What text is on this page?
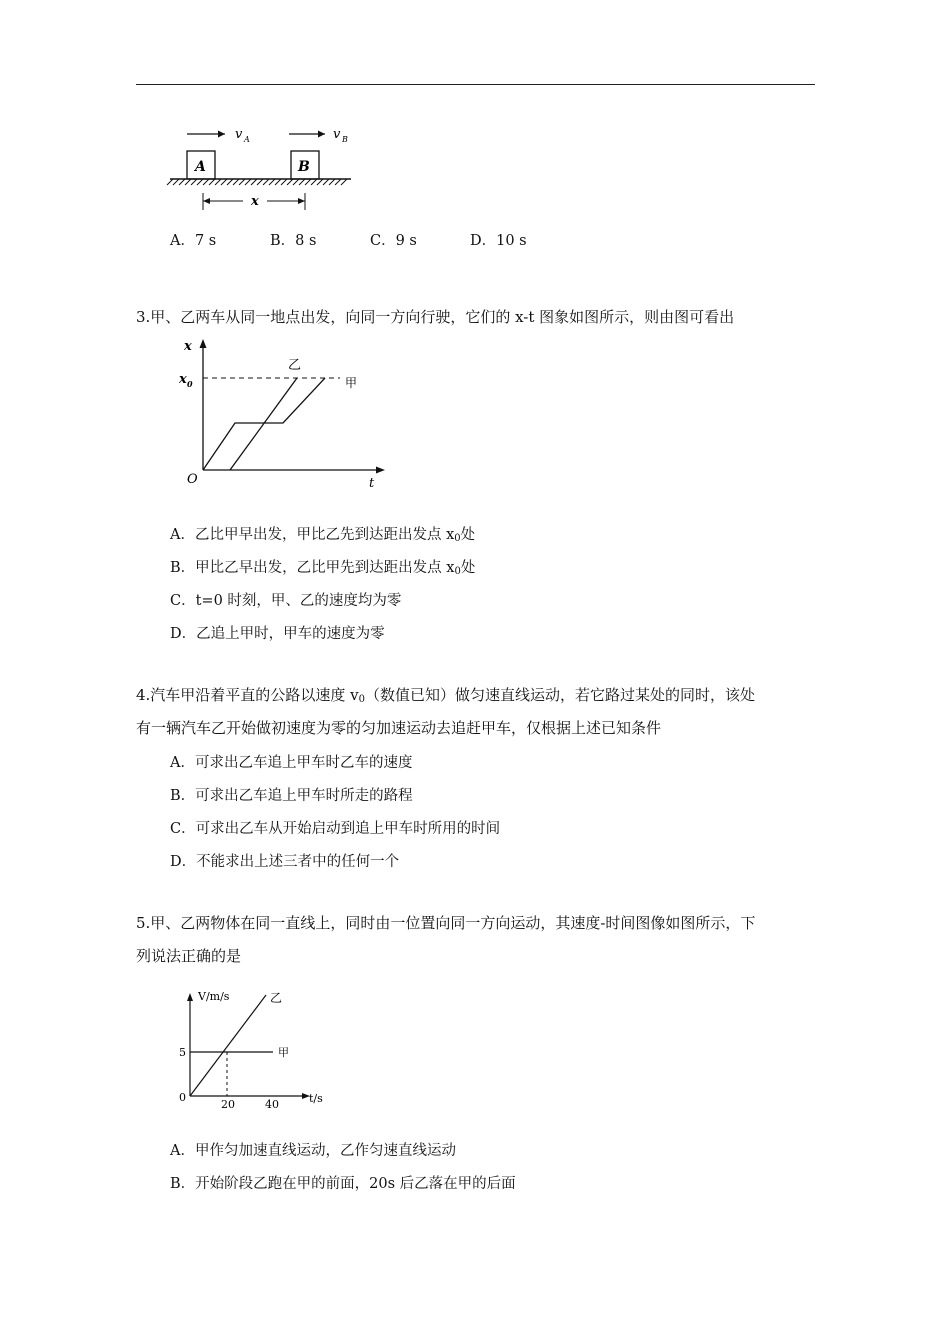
v A	v B
A	B
x
A．7 s	B．8 s	C．9 s	D．10 s
3.甲、乙两车从同一地点出发，向同一方向行驶，它们的 x-t 图象如图所示，则由图可看出
x
t
O
x 0
乙
甲
A．乙比甲早出发，甲比乙先到达距出发点 $x_0$处
B．甲比乙早出发，乙比甲先到达距出发点 $x_0$处
C．t=0 时刻，甲、乙的速度均为零
D．乙追上甲时，甲车的速度为零
4.汽车甲沿着平直的公路以速度 $v_0$（数值已知）做匀速直线运动，若它路过某处的同时，该处
有一辆汽车乙开始做初速度为零的匀加速运动去追赶甲车，仅根据上述已知条件
A．可求出乙车追上甲车时乙车的速度
B．可求出乙车追上甲车时所走的路程
C．可求出乙车从开始启动到追上甲车时所用的时间
D．不能求出上述三者中的任何一个
5.甲、乙两物体在同一直线上，同时由一位置向同一方向运动，其速度-时间图像如图所示，下
列说法正确的是
V/m/s
t/s
0
5
20	40
乙
甲
A．甲作匀加速直线运动，乙作匀速直线运动
B．开始阶段乙跑在甲的前面，20s 后乙落在甲的后面
